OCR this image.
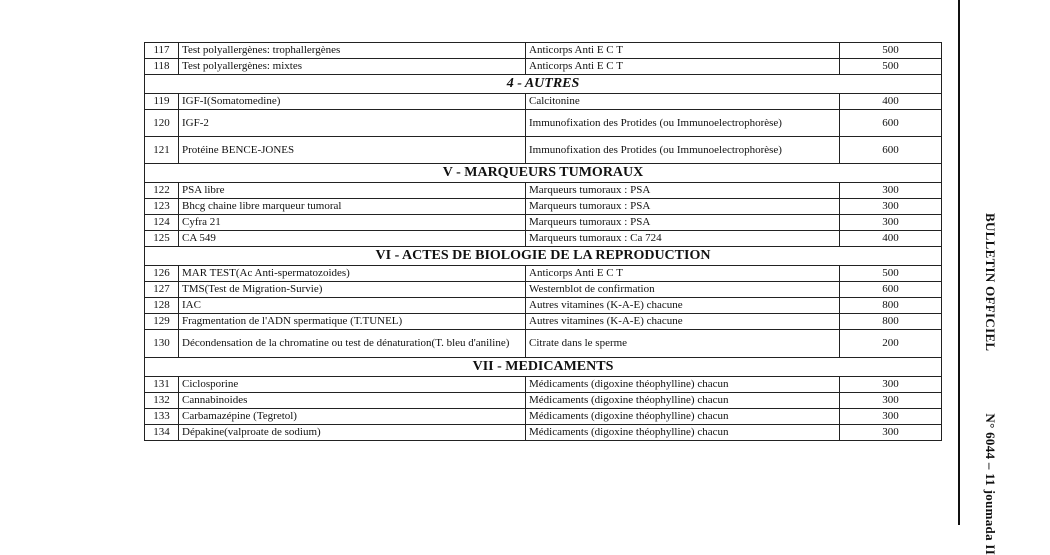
117	Test polyallergènes: trophallergènes	Anticorps Anti E C T	500
118	Test polyallergènes: mixtes	Anticorps Anti E C T	500
4 - AUTRES			
119	IGF-I(Somatomedine)	Calcitonine	400
120	IGF-2	Immunofixation des Protides (ou Immunoelectrophorèse)	600
121	Protéine BENCE-JONES	Immunofixation des Protides (ou Immunoelectrophorèse)	600
V - MARQUEURS TUMORAUX			
122	PSA libre	Marqueurs tumoraux : PSA	300
123	Bhcg chaine libre marqueur tumoral	Marqueurs tumoraux : PSA	300
124	Cyfra 21	Marqueurs tumoraux : PSA	300
125	CA 549	Marqueurs tumoraux : Ca 724	400
VI - ACTES DE BIOLOGIE DE LA REPRODUCTION			
126	MAR TEST(Ac Anti-spermatozoides)	Anticorps Anti E C T	500
127	TMS(Test de Migration-Survie)	Westernblot de confirmation	600
128	IAC	Autres vitamines (K-A-E) chacune	800
129	Fragmentation de l'ADN spermatique (T.TUNEL)	Autres vitamines (K-A-E) chacune	800
130	Décondensation de la chromatine ou test de dénaturation(T. bleu d'aniline)	Citrate dans le sperme	200
VII - MEDICAMENTS			
131	Ciclosporine	Médicaments (digoxine théophylline) chacun	300
132	Cannabinoides	Médicaments (digoxine théophylline) chacun	300
133	Carbamazépine (Tegretol)	Médicaments (digoxine théophylline) chacun	300
134	Dépakine(valproate de sodium)	Médicaments (digoxine théophylline) chacun	300
BULLETIN OFFICIELN° 6044 – 11 joumada II
